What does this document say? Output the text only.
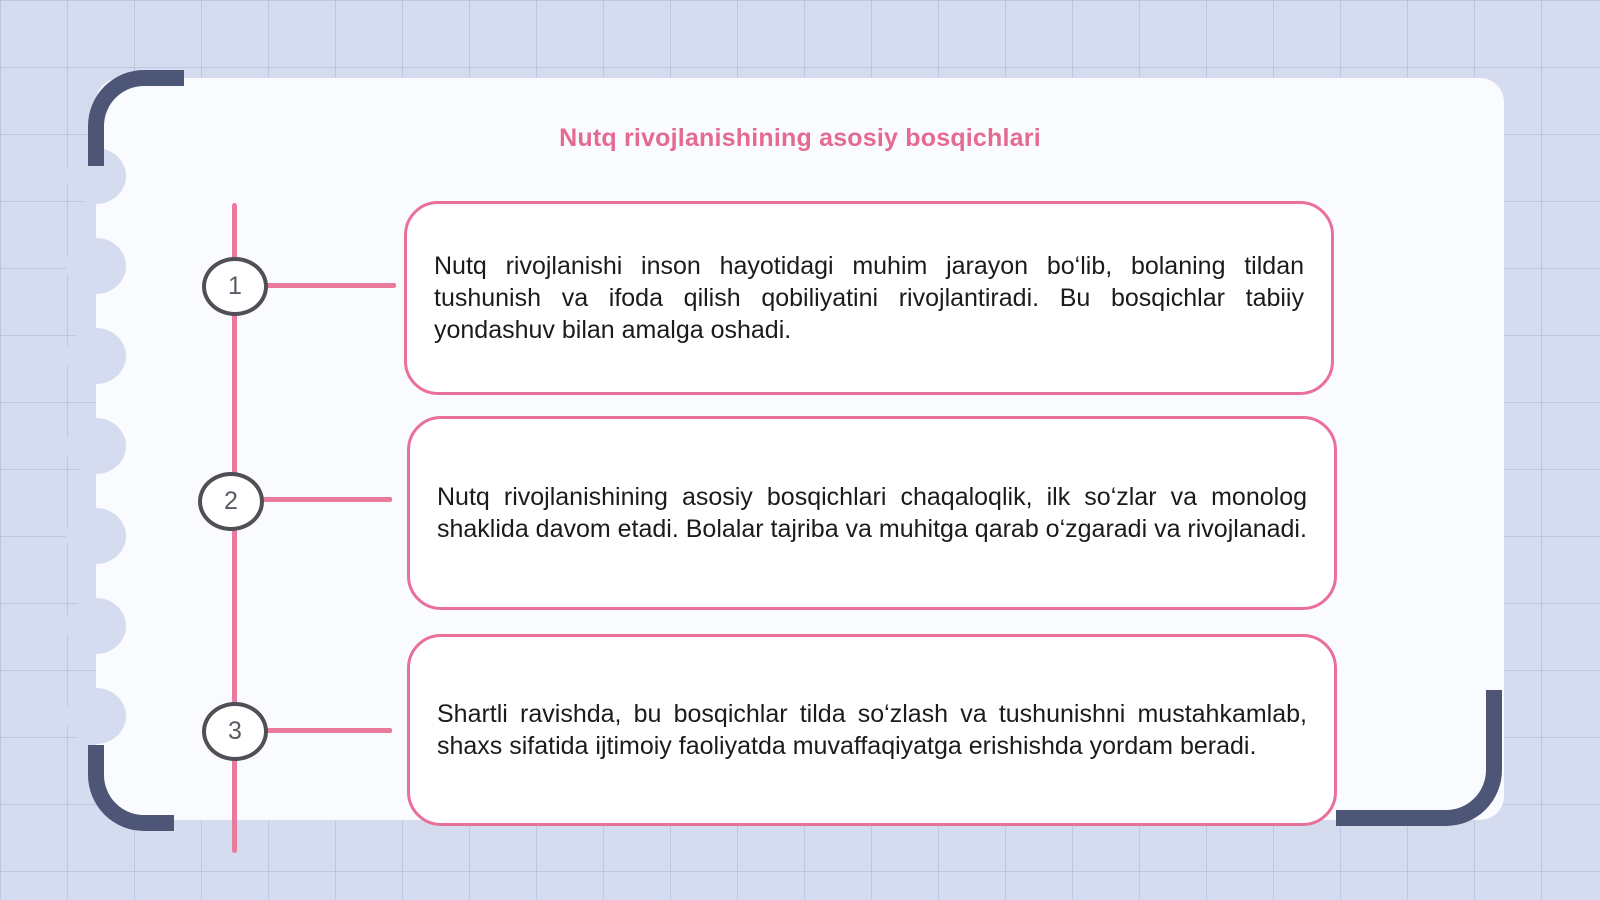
Nutq rivojlanishining asosiy bosqichlari
1

Nutq rivojlanishi inson hayotidagi muhim jarayon bo‘lib, bolaning tildan tushunish va ifoda qilish qobiliyatini rivojlantiradi. Bu bosqichlar tabiiy yondashuv bilan amalga oshadi.

2	Nutq rivojlanishining asosiy bosqichlari chaqaloqlik, ilk so‘zlar va monolog shaklida davom etadi. Bolalar tajriba va muhitga qarab o‘zgaradi va rivojlanadi.

3

Shartli ravishda, bu bosqichlar tilda so‘zlash va tushunishni mustahkamlab, shaxs sifatida ijtimoiy faoliyatda muvaffaqiyatga erishishda yordam beradi.
